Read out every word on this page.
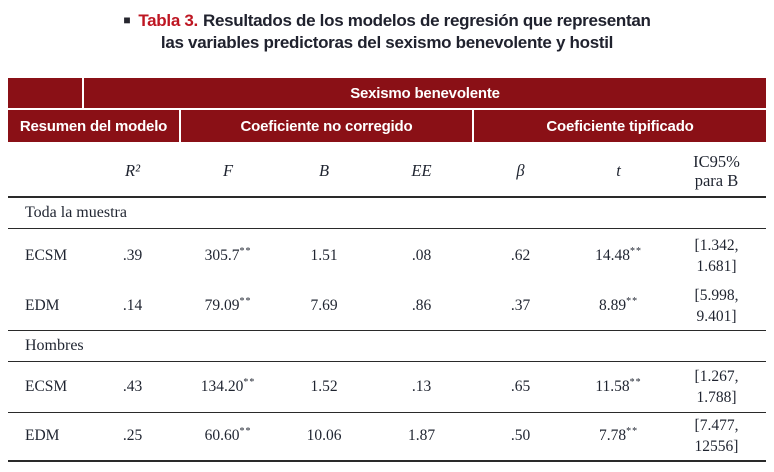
■ Tabla 3. Resultados de los modelos de regresión que representan
las variables predictoras del sexismo benevolente y hostil
Sexismo benevolente
Resumen del modelo	Coeficiente no corregido	Coeficiente tipificado
	R²	F	B	EE	β	t	IC95%
para B

Toda la muestra							
ECSM	.39	305.7**	1.51	.08	.62	14.48**	[1.342,
1.681]

EDM	.14	79.09**	7.69	.86	.37	8.89**	[5.998,
9.401]

Hombres							
ECSM	.43	134.20**	1.52	.13	.65	11.58**	[1.267,
1.788]

EDM	.25	60.60**	10.06	1.87	.50	7.78**	[7.477,
12556]
